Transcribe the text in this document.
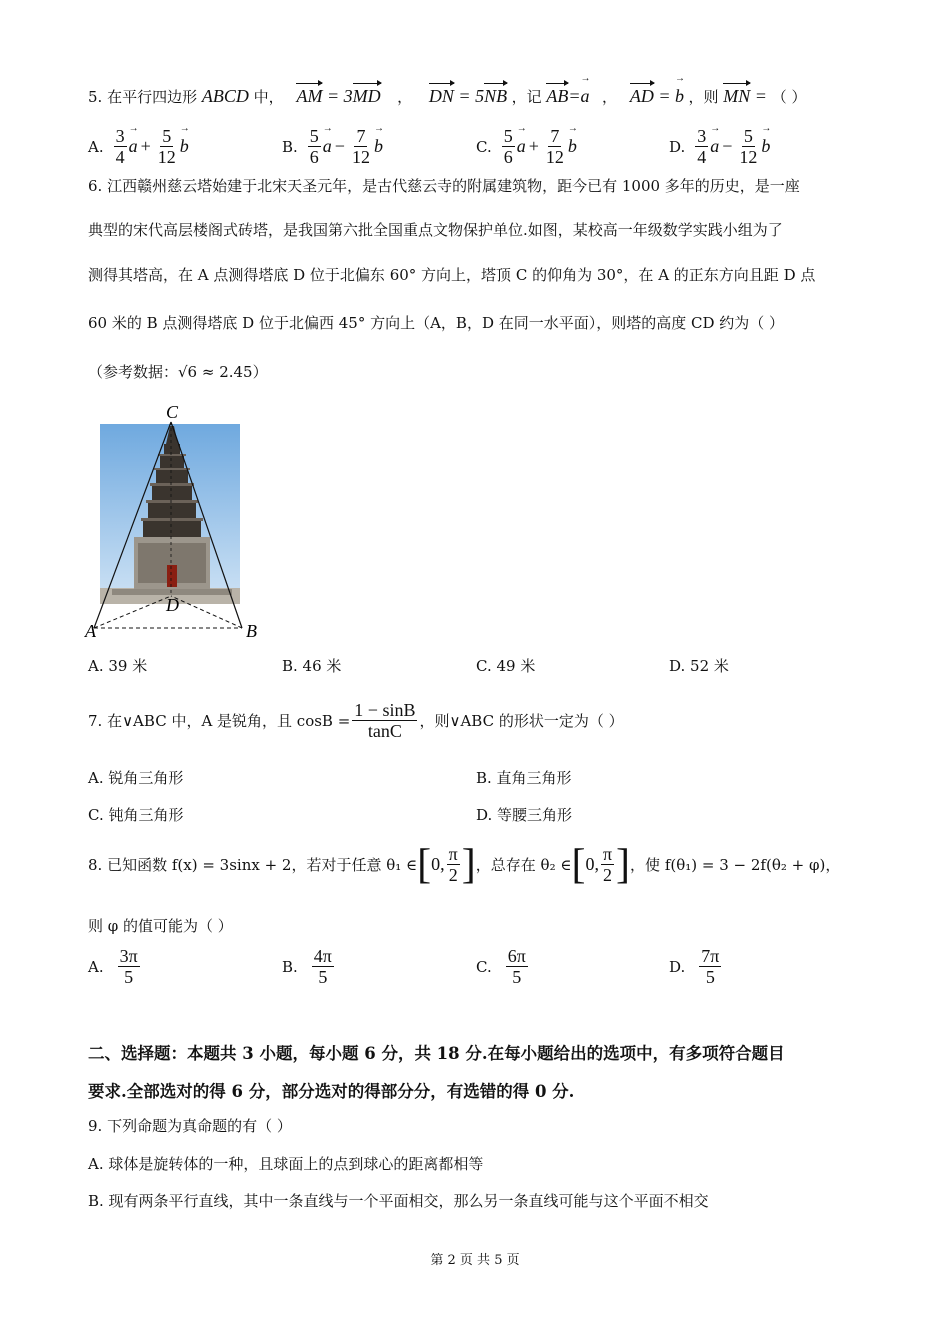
5. 在平行四边形 ABCD 中， AM = 3MD ， DN = 5NB ，记 AB=a → ， AD = b → ，则 MN = （ ）
A. $\frac{3}{4}$ a → + $\frac{5}{12}$ b →	B. $\frac{5}{6}$ a → − $\frac{7}{12}$ b →	C. $\frac{5}{6}$ a → + $\frac{7}{12}$ b →	D. $\frac{3}{4}$ a → − $\frac{5}{12}$ b →
6. 江西赣州慈云塔始建于北宋天圣元年，是古代慈云寺的附属建筑物，距今已有 1000 多年的历史，是一座
典型的宋代高层楼阁式砖塔，是我国第六批全国重点文物保护单位.如图，某校高一年级数学实践小组为了
测得其塔高，在 A 点测得塔底 D 位于北偏东 60° 方向上，塔顶 C 的仰角为 30°，在 A 的正东方向且距 D 点
60 米的 B 点测得塔底 D 位于北偏西 45° 方向上（A，B，D 在同一水平面），则塔的高度 CD 约为（ ）
（参考数据：√6 ≈ 2.45）
C
D
A	B
A. 39 米	B. 46 米	C. 49 米	D. 52 米
7. 在∨ABC 中，A 是锐角，且 $\cos B = \frac{1 - \sin B}{\tan C}$ ，则∨ABC 的形状一定为（ ）
A. 锐角三角形	B. 直角三角形
C. 钝角三角形	D. 等腰三角形
8. 已知函数 f(x) = 3sinx + 2，若对于任意 θ₁ ∈ [ 0, $\frac{\pi}{2}$ ] ，总存在 θ₂ ∈ [ 0, $\frac{\pi}{2}$ ] ，使 f(θ₁) = 3 − 2f(θ₂ + φ)，
则 φ 的值可能为（ ）
A. $\frac{3\pi}{5}$	B. $\frac{4\pi}{5}$	C. $\frac{6\pi}{5}$	D. $\frac{7\pi}{5}$
二、选择题：本题共 3 小题，每小题 6 分，共 18 分.在每小题给出的选项中，有多项符合题目
要求.全部选对的得 6 分，部分选对的得部分分，有选错的得 0 分.
9. 下列命题为真命题的有（ ）
A. 球体是旋转体的一种，且球面上的点到球心的距离都相等
B. 现有两条平行直线，其中一条直线与一个平面相交，那么另一条直线可能与这个平面不相交
第 2 页 共 5 页
